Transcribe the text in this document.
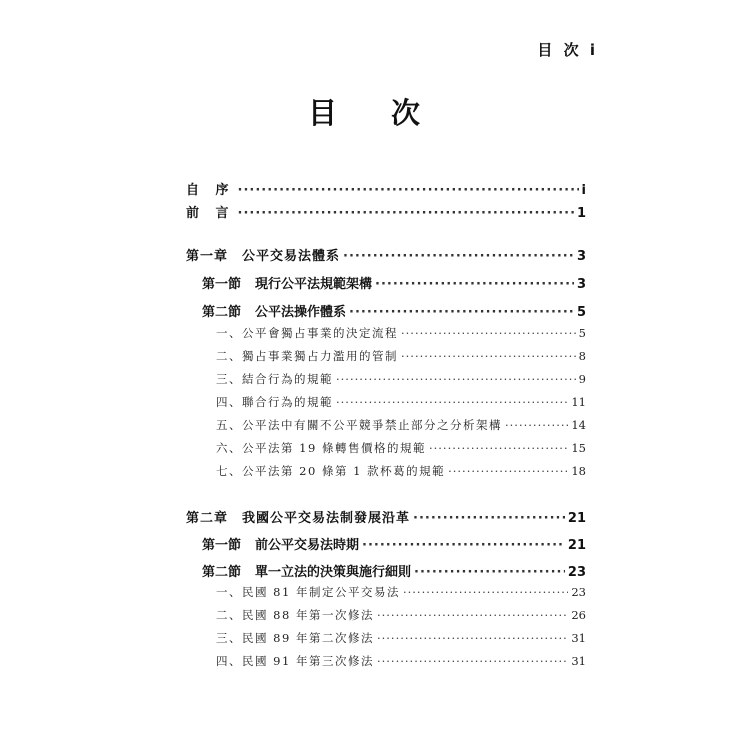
目 次 i
目 次
自 序 ·····	i
前 言 ·····	1
第一章 公平交易法體系 ·····	3
第一節 現行公平法規範架構 ·····	3
第二節 公平法操作體系 ·····	5
一、公平會獨占事業的決定流程 ·····	5
二、獨占事業獨占力濫用的管制 ·····	8
三、結合行為的規範 ·····	9
四、聯合行為的規範 ·····	11
五、公平法中有關不公平競爭禁止部分之分析架構 ·····	14
六、公平法第 19 條轉售價格的規範 ·····	15
七、公平法第 20 條第 1 款杯葛的規範 ·····	18
第二章 我國公平交易法制發展沿革 ·····	21
第一節 前公平交易法時期 ·····	21
第二節 單一立法的決策與施行細則 ·····	23
一、民國 81 年制定公平交易法 ·····	23
二、民國 88 年第一次修法 ·····	26
三、民國 89 年第二次修法 ·····	31
四、民國 91 年第三次修法 ·····	31
